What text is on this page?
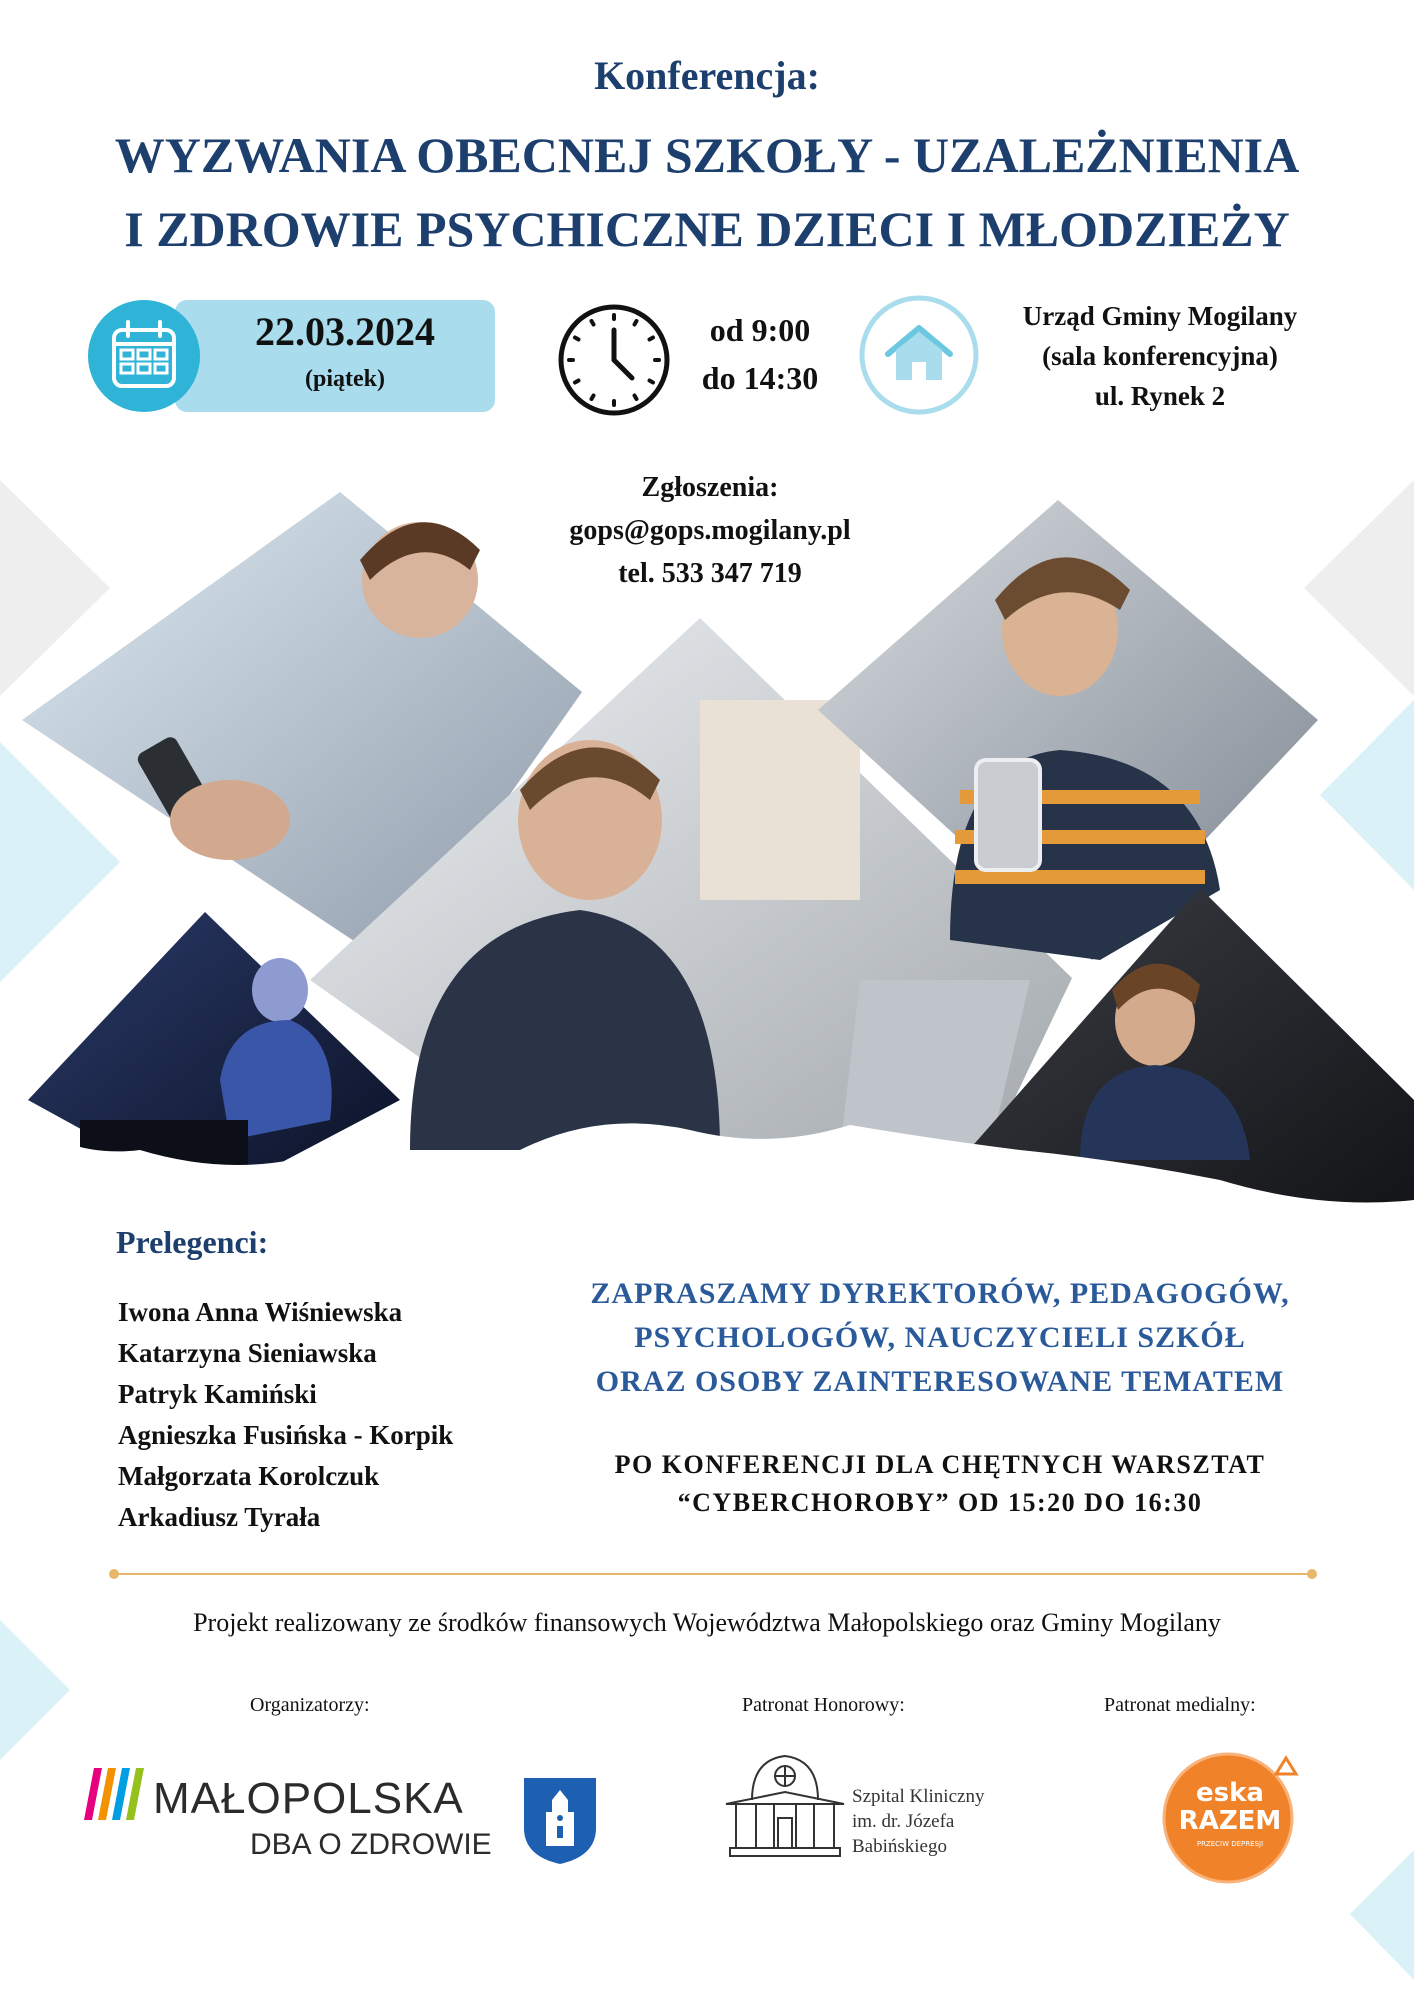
Konferencja:
WYZWANIA OBECNEJ SZKOŁY - UZALEŻNIENIA
I ZDROWIE PSYCHICZNE DZIECI I MŁODZIEŻY
22.03.2024
(piątek)
od 9:00
do 14:30
Urząd Gminy Mogilany
(sala konferencyjna)
ul. Rynek 2
Zgłoszenia:
gops@gops.mogilany.pl
tel. 533 347 719
Prelegenci:
Iwona Anna Wiśniewska
Katarzyna Sieniawska
Patryk Kamiński
Agnieszka Fusińska - Korpik
Małgorzata Korolczuk
Arkadiusz Tyrała
ZAPRASZAMY DYREKTORÓW, PEDAGOGÓW,
PSYCHOLOGÓW, NAUCZYCIELI SZKÓŁ
ORAZ OSOBY ZAINTERESOWANE TEMATEM
PO KONFERENCJI DLA CHĘTNYCH WARSZTAT
“CYBERCHOROBY” OD 15:20 DO 16:30
Projekt realizowany ze środków finansowych Województwa Małopolskiego oraz Gminy Mogilany
Organizatorzy:	Patronat Honorowy:	Patronat medialny:
MAŁOPOLSKA
DBA O ZDROWIE
Szpital Kliniczny
im. dr. Józefa
Babińskiego
eska
RAZEM
PRZECIW DEPRESJI
